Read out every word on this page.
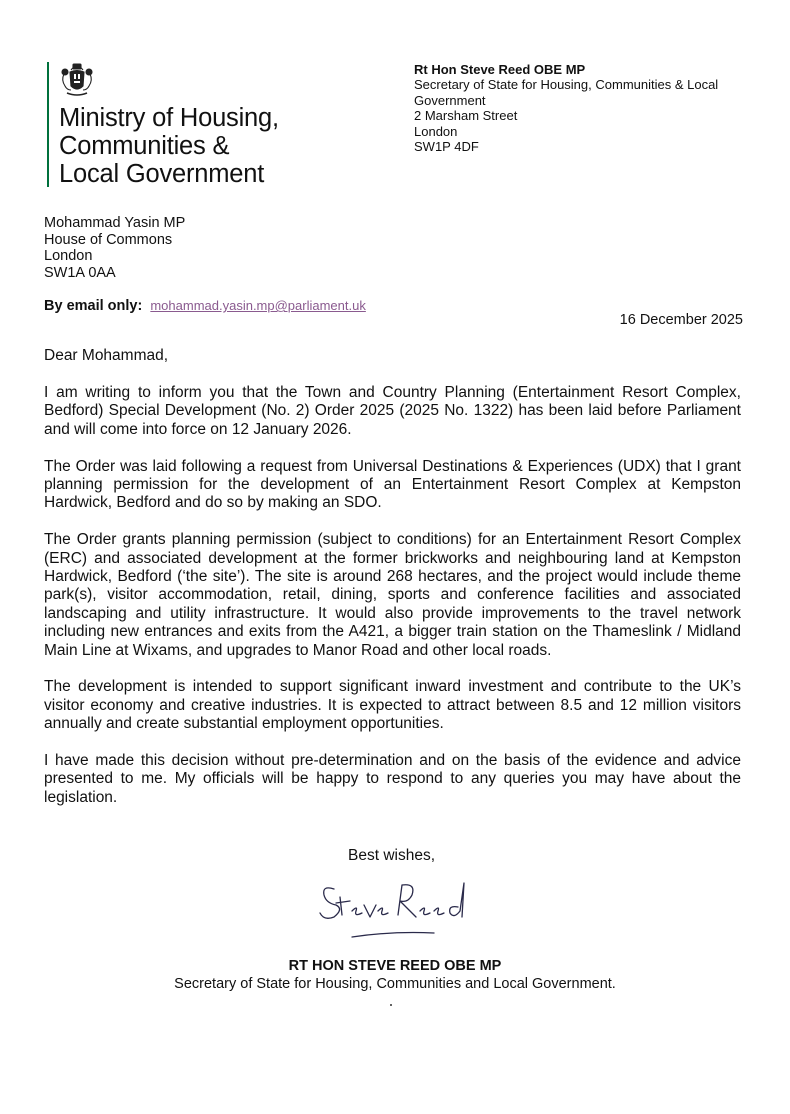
Ministry of Housing,
Communities &
Local Government
Rt Hon Steve Reed OBE MP
Secretary of State for Housing, Communities & Local
Government
2 Marsham Street
London
SW1P 4DF
Mohammad Yasin MP
House of Commons
London
SW1A 0AA
By email only: mohammad.yasin.mp@parliament.uk
16 December 2025
Dear Mohammad,

I am writing to inform you that the Town and Country Planning (Entertainment Resort Complex, Bedford) Special Development (No. 2) Order 2025 (2025 No. 1322) has been laid before Parliament and will come into force on 12 January 2026.

The Order was laid following a request from Universal Destinations & Experiences (UDX) that I grant planning permission for the development of an Entertainment Resort Complex at Kempston Hardwick, Bedford and do so by making an SDO.

The Order grants planning permission (subject to conditions) for an Entertainment Resort Complex (ERC) and associated development at the former brickworks and neighbouring land at Kempston Hardwick, Bedford (‘the site’). The site is around 268 hectares, and the project would include theme park(s), visitor accommodation, retail, dining, sports and conference facilities and associated landscaping and utility infrastructure. It would also provide improvements to the travel network including new entrances and exits from the A421, a bigger train station on the Thameslink / Midland Main Line at Wixams, and upgrades to Manor Road and other local roads.

The development is intended to support significant inward investment and contribute to the UK’s visitor economy and creative industries. It is expected to attract between 8.5 and 12 million visitors annually and create substantial employment opportunities.

I have made this decision without pre-determination and on the basis of the evidence and advice presented to me. My officials will be happy to respond to any queries you may have about the legislation.

Best wishes,
RT HON STEVE REED OBE MP
Secretary of State for Housing, Communities and Local Government.
